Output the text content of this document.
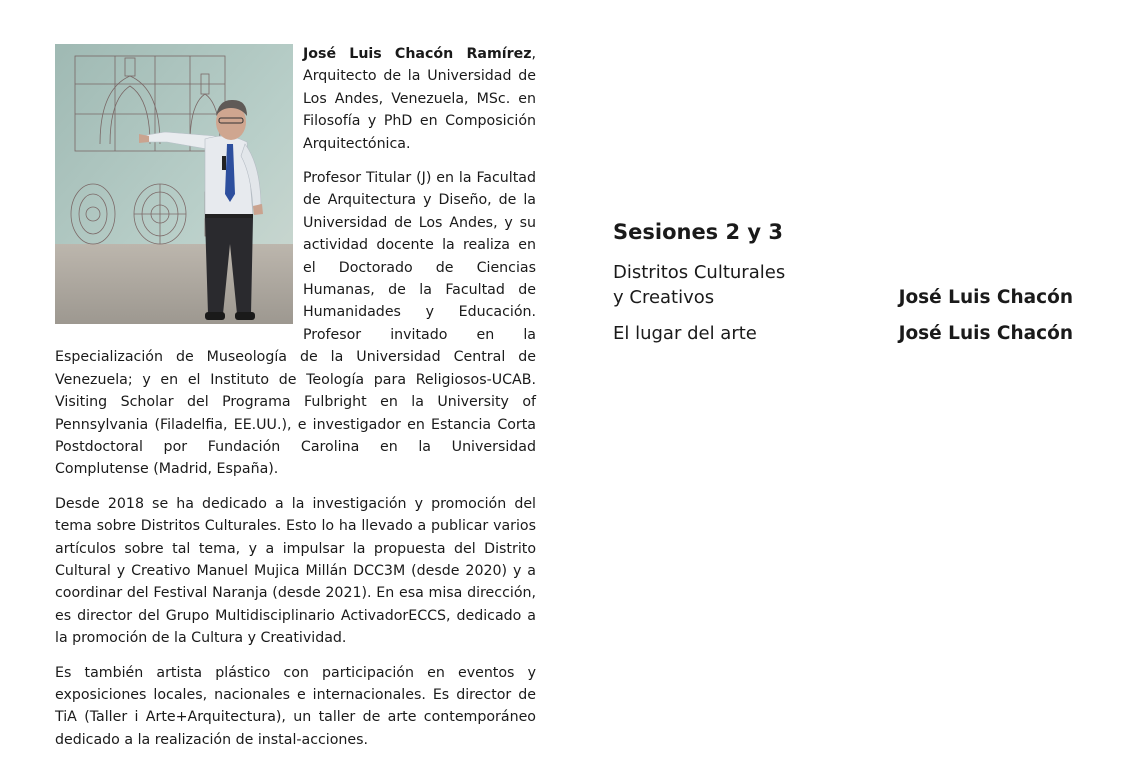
José Luis Chacón Ramírez, Arquitecto de la Universidad de Los Andes, Venezuela, MSc. en Filosofía y PhD en Composición Arquitectónica.

Profesor Titular (J) en la Facultad de Arquitectura y Diseño, de la Universidad de Los Andes, y su actividad docente la realiza en el Doctorado de Ciencias Humanas, de la Facultad de Humanidades y Educación. Profesor invitado en la Especialización de Museología de la Universidad Central de Venezuela; y en el Instituto de Teología para Religiosos-UCAB. Visiting Scholar del Programa Fulbright en la University of Pennsylvania (Filadelfia, EE.UU.), e investigador en Estancia Corta Postdoctoral por Fundación Carolina en la Universidad Complutense (Madrid, España).

Desde 2018 se ha dedicado a la investigación y promoción del tema sobre Distritos Culturales. Esto lo ha llevado a publicar varios artículos sobre tal tema, y a impulsar la propuesta del Distrito Cultural y Creativo Manuel Mujica Millán DCC3M (desde 2020) y a coordinar del Festival Naranja (desde 2021). En esa misa dirección, es director del Grupo Multidisciplinario ActivadorECCS, dedicado a la promoción de la Cultura y Creatividad.

Es también artista plástico con participación en eventos y exposiciones locales, nacionales e internacionales. Es director de TiA (Taller i Arte+Arquitectura), un taller de arte contemporáneo dedicado a la realización de instal-acciones.

Sesiones 2 y 3
Distritos Culturales
y Creativos	José Luis Chacón
El lugar del arte	José Luis Chacón
